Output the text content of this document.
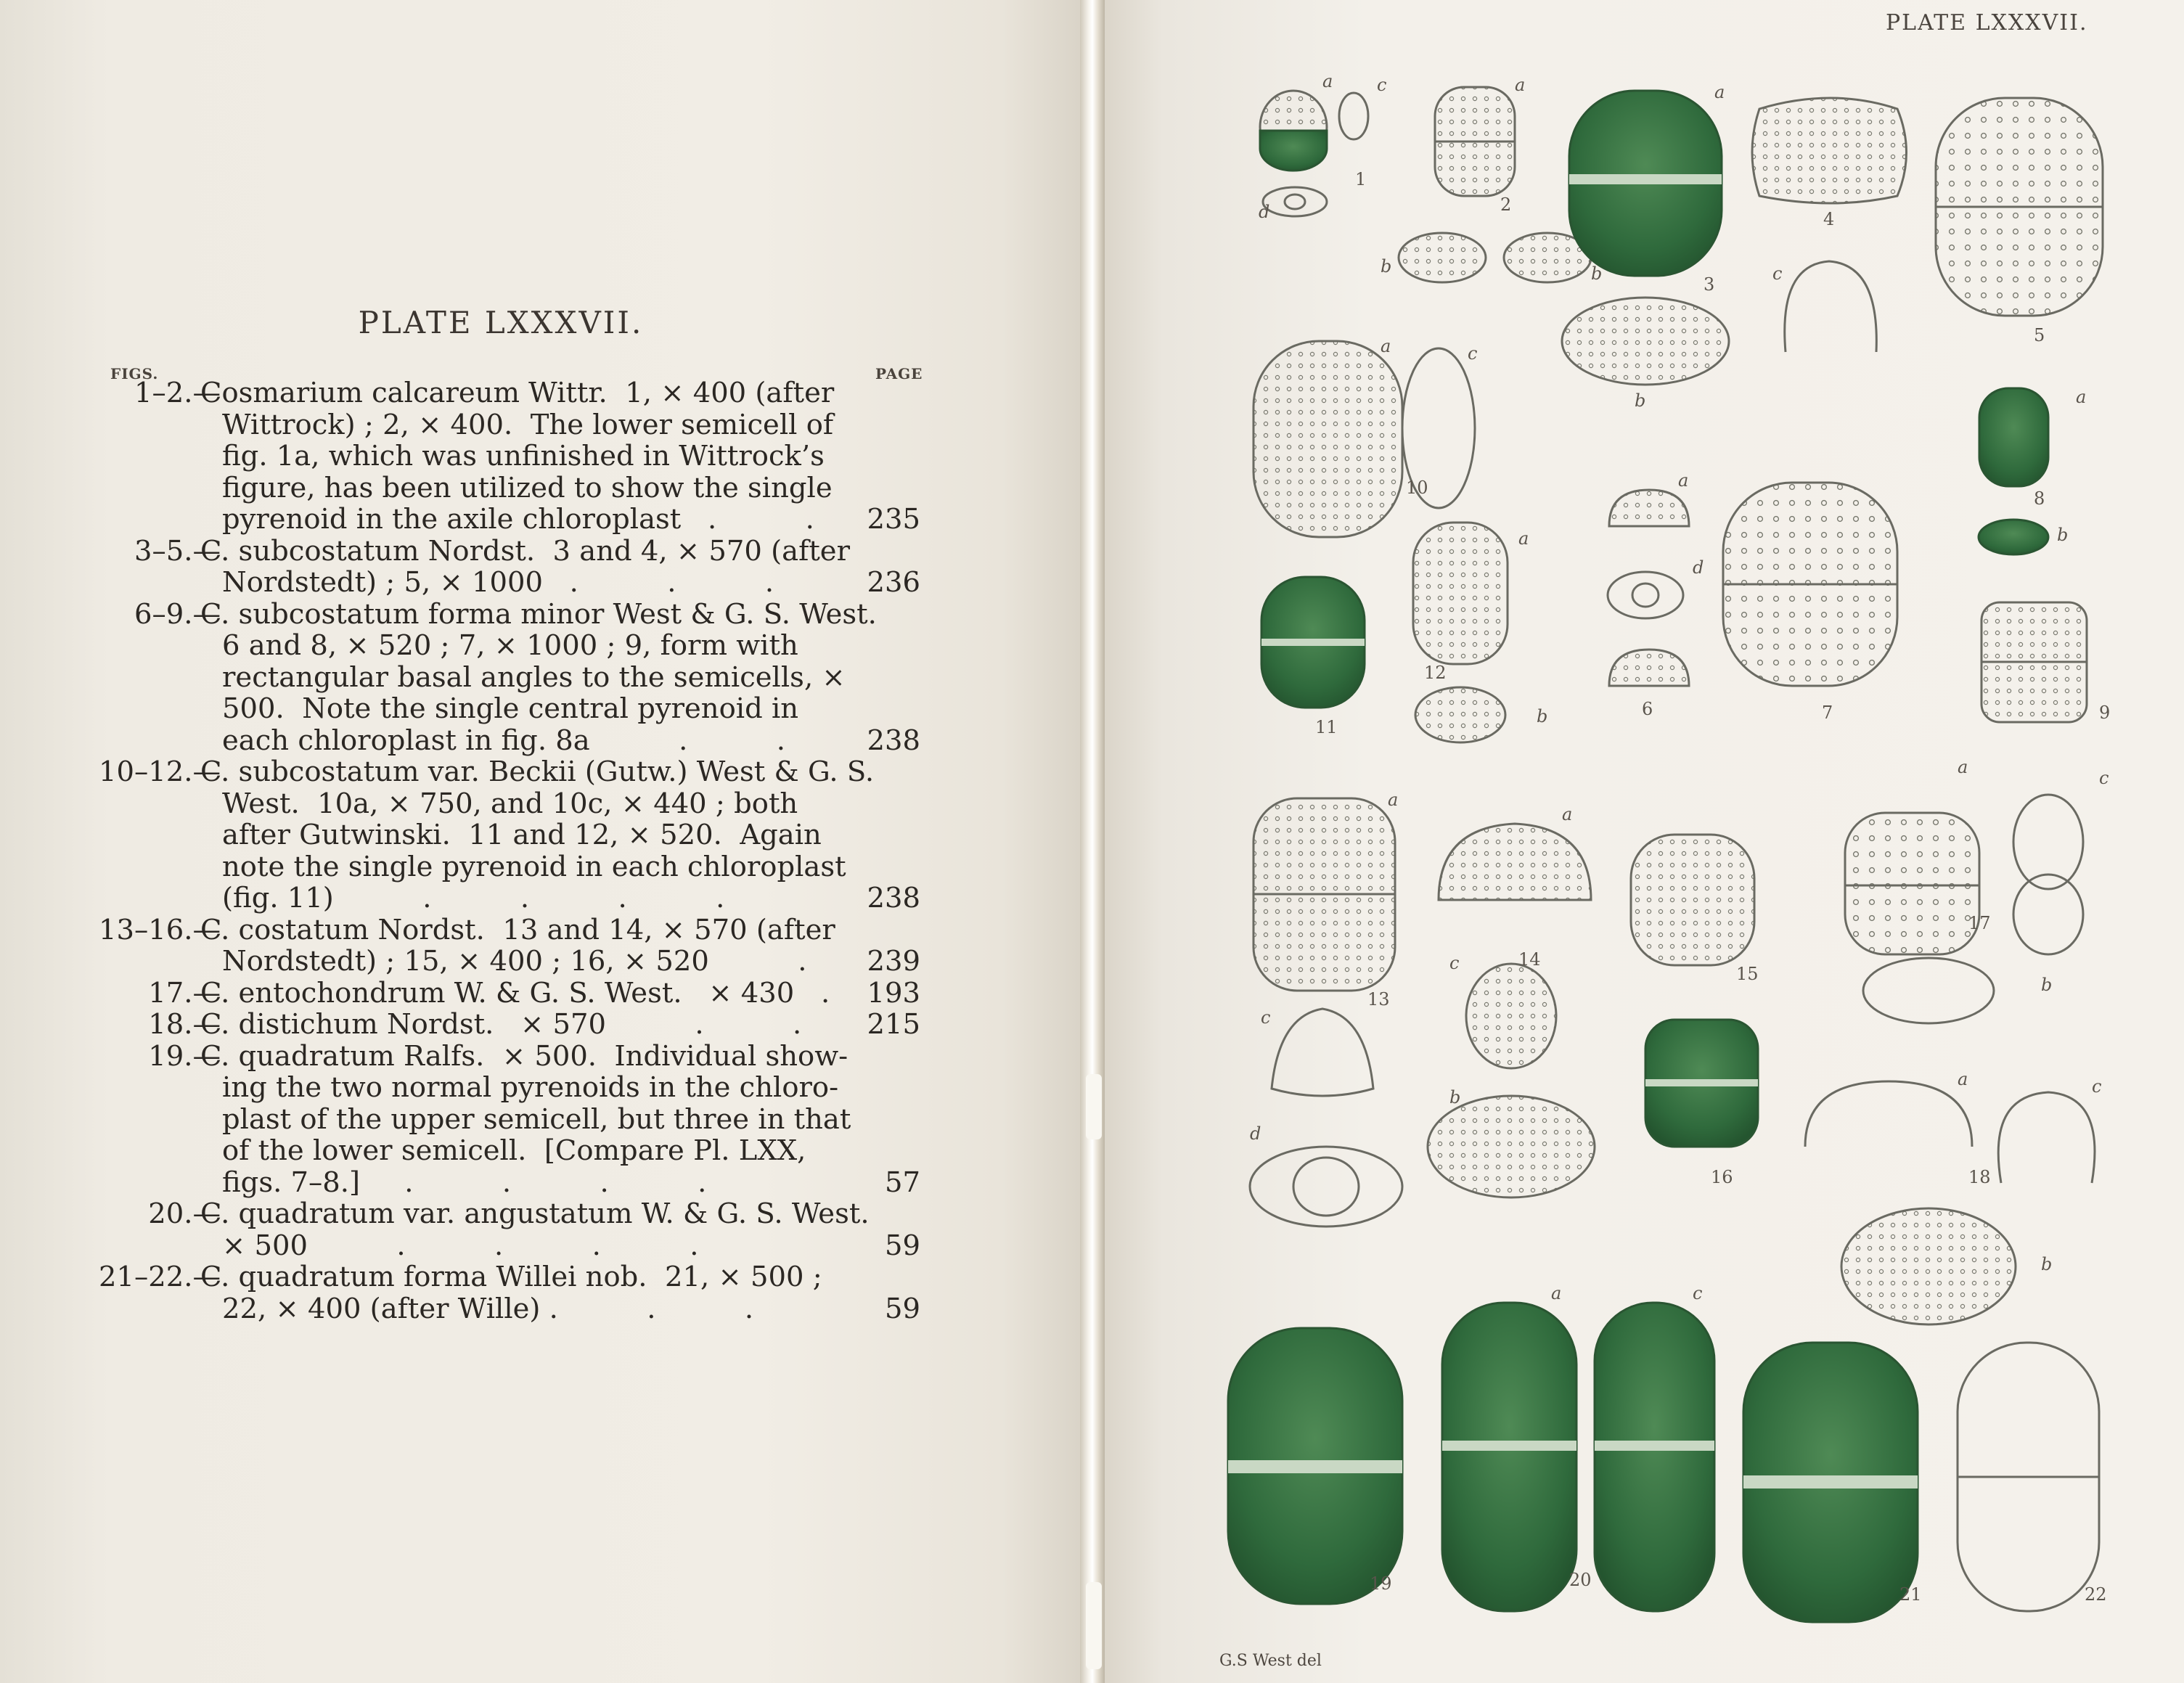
PLATE LXXXVII.
FIGS.	PAGE
1–2.—
Cosmarium calcareum Wittr.  1, × 400 (after
Wittrock) ; 2, × 400.  The lower semicell of
fig. 1a, which was unfinished in Wittrock’s
figure, has been utilized to show the single
pyrenoid in the axile chloroplast   .          . 235
3–5.—
C. subcostatum Nordst.  3 and 4, × 570 (after
Nordstedt) ; 5, × 1000   .          .          .	236
6–9.—
C. subcostatum forma minor West & G. S. West.
6 and 8, × 520 ; 7, × 1000 ; 9, form with
rectangular basal angles to the semicells, ×
500.  Note the single central pyrenoid in
each chloroplast in fig. 8a          .          .	238
10–12.—
C. subcostatum var. Beckii (Gutw.) West & G. S.
West.  10a, × 750, and 10c, × 440 ; both
after Gutwinski.  11 and 12, × 520.  Again
note the single pyrenoid in each chloroplast
(fig. 11)          .          .          .          .	238
13–16.—
C. costatum Nordst.  13 and 14, × 570 (after
Nordstedt) ; 15, × 400 ; 16, × 520          . 239
17.—
C. entochondrum W. & G. S. West.   × 430   . 193
18.—
C. distichum Nordst.   × 570          .          . 215
19.—
C. quadratum Ralfs.  × 500.  Individual show-
ing the two normal pyrenoids in the chloro-
plast of the upper semicell, but three in that
of the lower semicell.  [Compare Pl. LXX,
figs. 7–8.]     .          .          .          .	57
20.—
C. quadratum var. angustatum W. & G. S. West.
× 500          .          .          .          .	59
21–22.—
C. quadratum forma Willei nob.  21, × 500 ;
22, × 400 (after Wille) .          .          .	59
PLATE LXXXVII.
1
2
3
4
5
6	7
8
9
10
11
12
13
14
15
16
17
18
19	20
21	22
a	c
d
b
a
b
a
b
c
a	c
a
b
a
d
a
b
a
c
d
a
c
b
a
c
b
a	c
b
a	c
G.S West del
